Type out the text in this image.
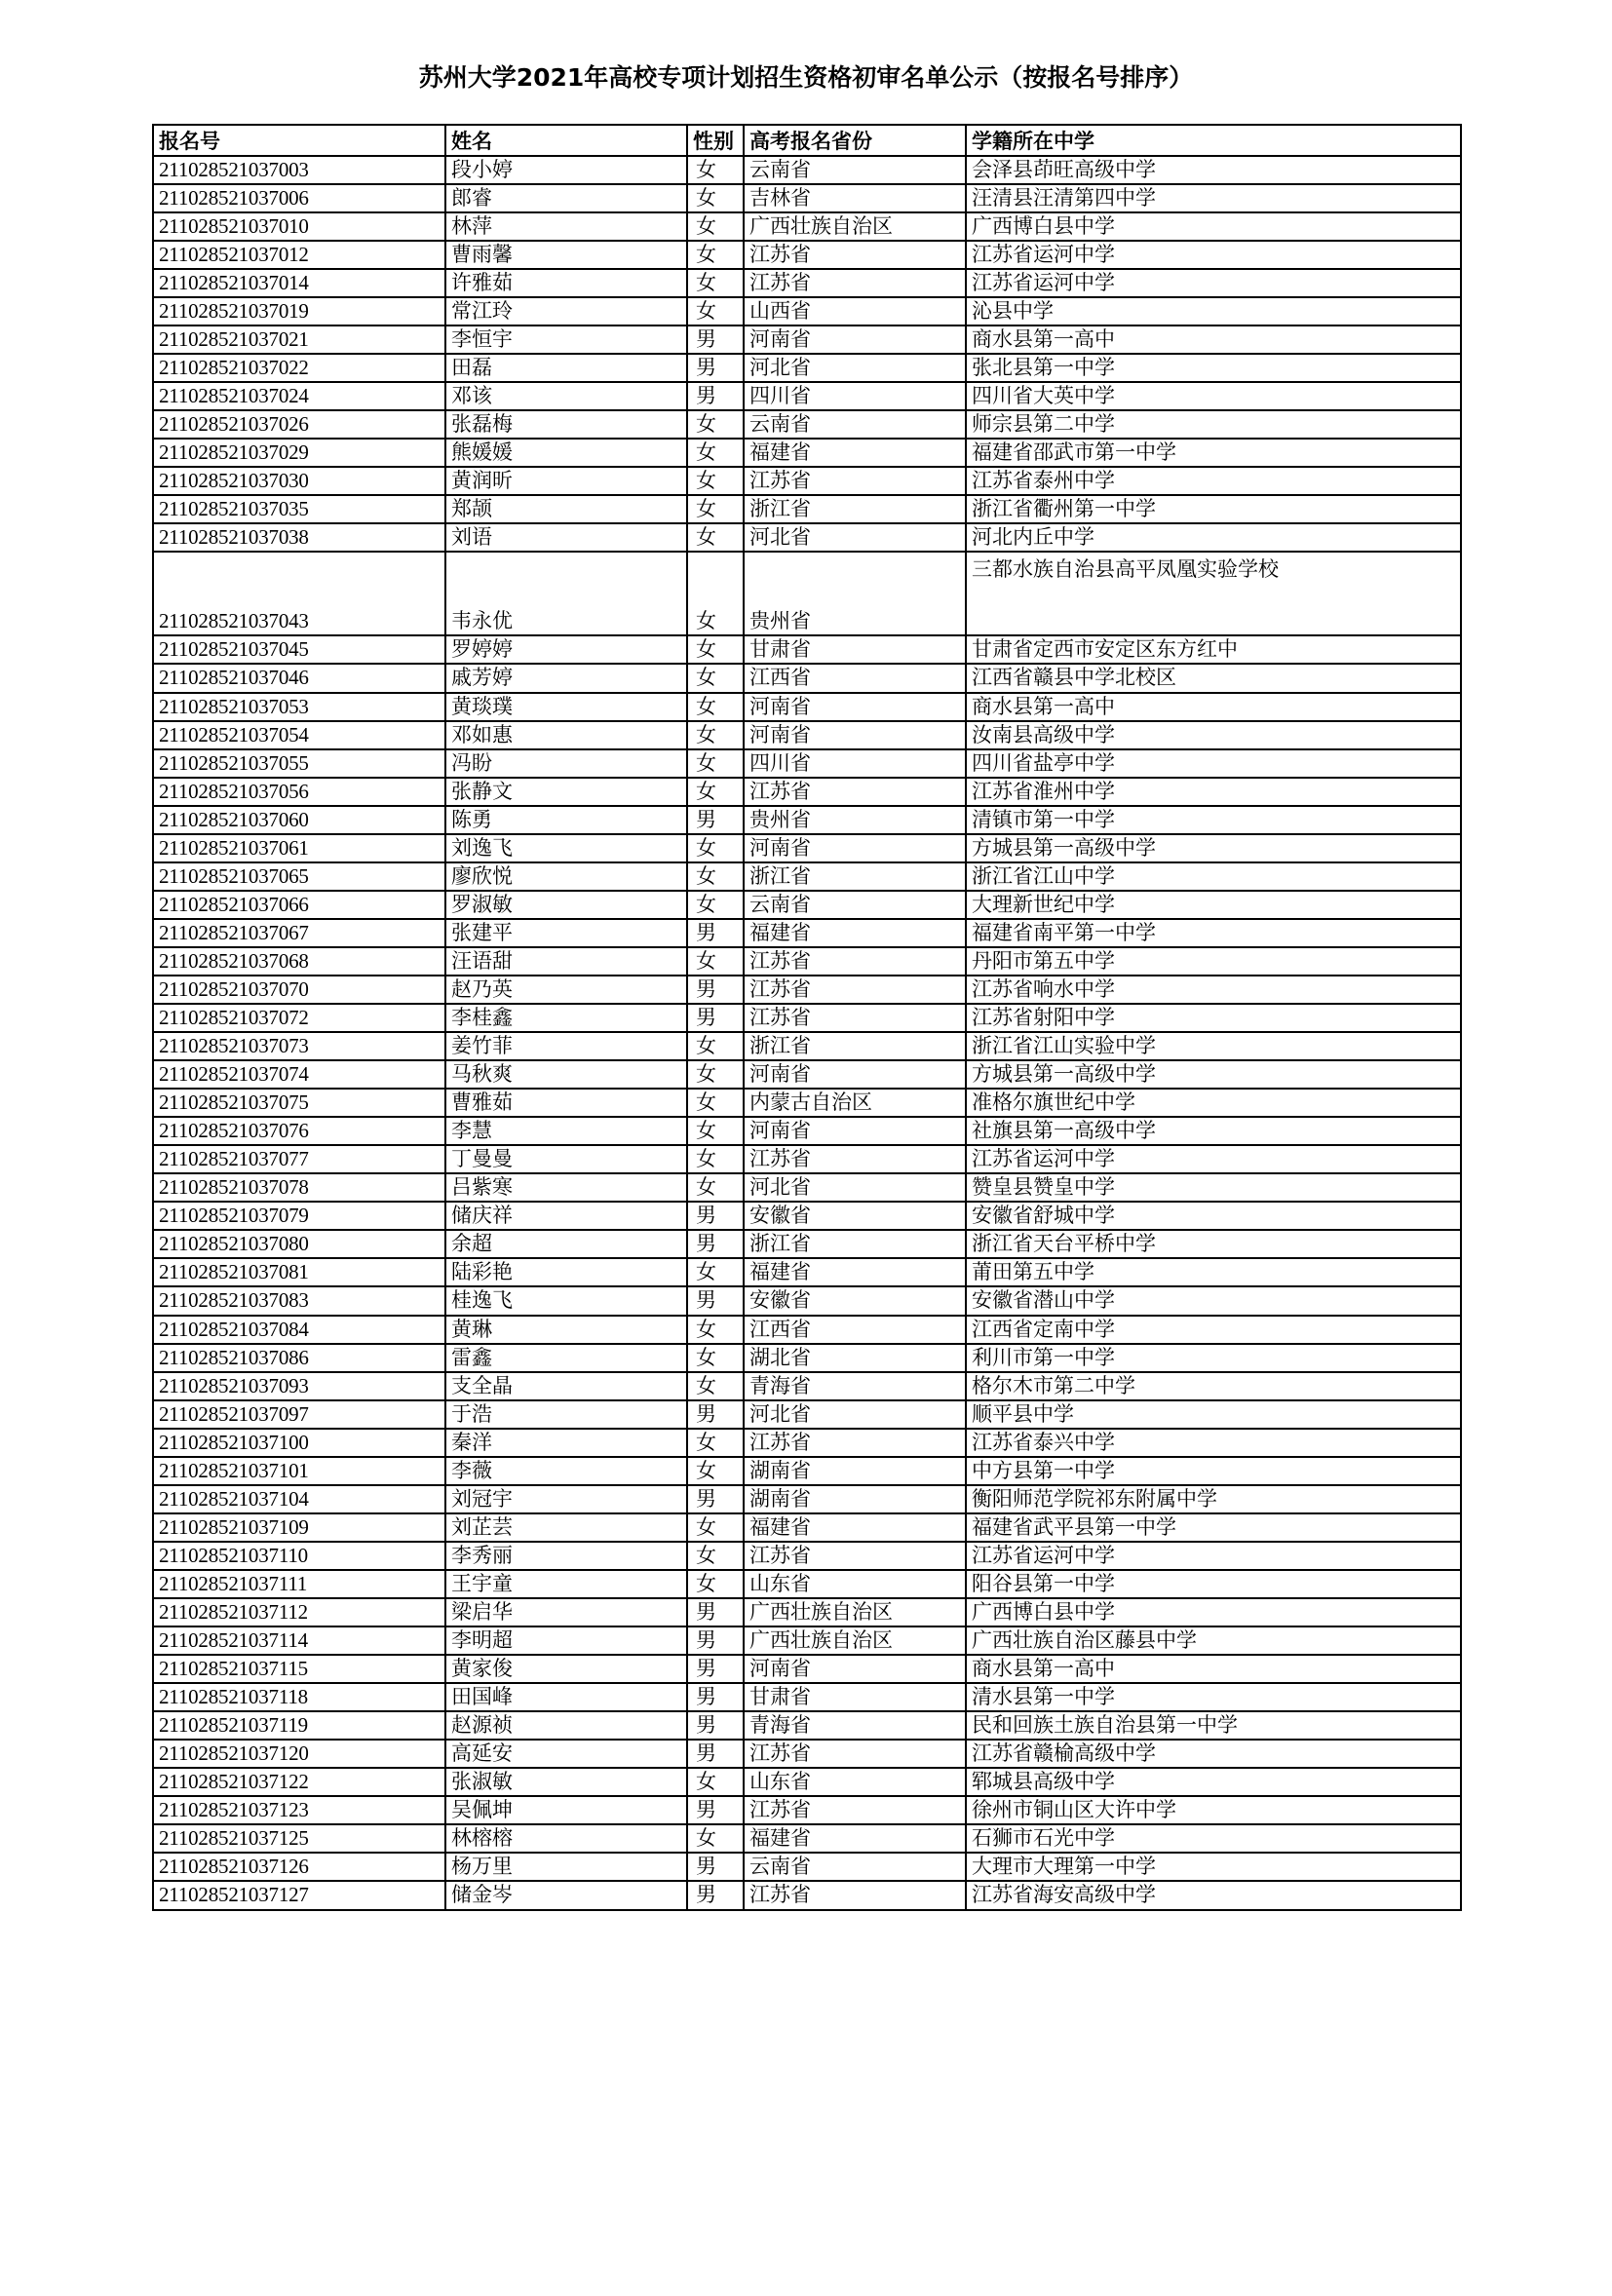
苏州大学2021年高校专项计划招生资格初审名单公示（按报名号排序）
报名号	姓名	性别	高考报名省份	学籍所在中学
211028521037003	段小婷	女	云南省	会泽县茚旺高级中学
211028521037006	郎睿	女	吉林省	汪清县汪清第四中学
211028521037010	林萍	女	广西壮族自治区	广西博白县中学
211028521037012	曹雨馨	女	江苏省	江苏省运河中学
211028521037014	许雅茹	女	江苏省	江苏省运河中学
211028521037019	常江玲	女	山西省	沁县中学
211028521037021	李恒宇	男	河南省	商水县第一高中
211028521037022	田磊	男	河北省	张北县第一中学
211028521037024	邓该	男	四川省	四川省大英中学
211028521037026	张磊梅	女	云南省	师宗县第二中学
211028521037029	熊媛媛	女	福建省	福建省邵武市第一中学
211028521037030	黄润昕	女	江苏省	江苏省泰州中学
211028521037035	郑颉	女	浙江省	浙江省衢州第一中学
211028521037038	刘语	女	河北省	河北内丘中学
211028521037043	韦永优	女	贵州省	三都水族自治县高平凤凰实验学校
211028521037045	罗婷婷	女	甘肃省	甘肃省定西市安定区东方红中
211028521037046	戚芳婷	女	江西省	江西省赣县中学北校区
211028521037053	黄琰璞	女	河南省	商水县第一高中
211028521037054	邓如惠	女	河南省	汝南县高级中学
211028521037055	冯盼	女	四川省	四川省盐亭中学
211028521037056	张静文	女	江苏省	江苏省淮州中学
211028521037060	陈勇	男	贵州省	清镇市第一中学
211028521037061	刘逸飞	女	河南省	方城县第一高级中学
211028521037065	廖欣悦	女	浙江省	浙江省江山中学
211028521037066	罗淑敏	女	云南省	大理新世纪中学
211028521037067	张建平	男	福建省	福建省南平第一中学
211028521037068	汪语甜	女	江苏省	丹阳市第五中学
211028521037070	赵乃英	男	江苏省	江苏省响水中学
211028521037072	李桂鑫	男	江苏省	江苏省射阳中学
211028521037073	姜竹菲	女	浙江省	浙江省江山实验中学
211028521037074	马秋爽	女	河南省	方城县第一高级中学
211028521037075	曹雅茹	女	内蒙古自治区	准格尔旗世纪中学
211028521037076	李慧	女	河南省	社旗县第一高级中学
211028521037077	丁曼曼	女	江苏省	江苏省运河中学
211028521037078	吕紫寒	女	河北省	赞皇县赞皇中学
211028521037079	储庆祥	男	安徽省	安徽省舒城中学
211028521037080	余超	男	浙江省	浙江省天台平桥中学
211028521037081	陆彩艳	女	福建省	莆田第五中学
211028521037083	桂逸飞	男	安徽省	安徽省潜山中学
211028521037084	黄琳	女	江西省	江西省定南中学
211028521037086	雷鑫	女	湖北省	利川市第一中学
211028521037093	支全晶	女	青海省	格尔木市第二中学
211028521037097	于浩	男	河北省	顺平县中学
211028521037100	秦洋	女	江苏省	江苏省泰兴中学
211028521037101	李薇	女	湖南省	中方县第一中学
211028521037104	刘冠宇	男	湖南省	衡阳师范学院祁东附属中学
211028521037109	刘芷芸	女	福建省	福建省武平县第一中学
211028521037110	李秀丽	女	江苏省	江苏省运河中学
211028521037111	王宇童	女	山东省	阳谷县第一中学
211028521037112	梁启华	男	广西壮族自治区	广西博白县中学
211028521037114	李明超	男	广西壮族自治区	广西壮族自治区藤县中学
211028521037115	黄家俊	男	河南省	商水县第一高中
211028521037118	田国峰	男	甘肃省	清水县第一中学
211028521037119	赵源祯	男	青海省	民和回族土族自治县第一中学
211028521037120	高延安	男	江苏省	江苏省赣榆高级中学
211028521037122	张淑敏	女	山东省	郓城县高级中学
211028521037123	吴佩坤	男	江苏省	徐州市铜山区大许中学
211028521037125	林榕榕	女	福建省	石狮市石光中学
211028521037126	杨万里	男	云南省	大理市大理第一中学
211028521037127	储金岑	男	江苏省	江苏省海安高级中学
